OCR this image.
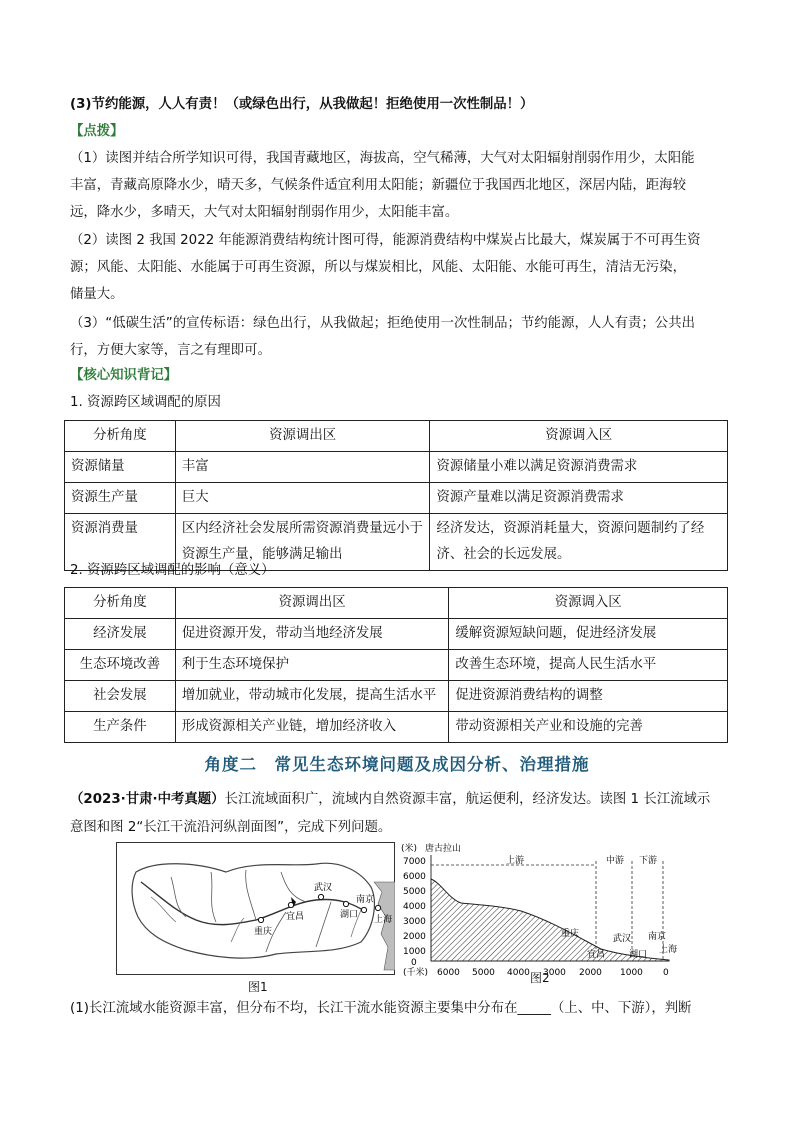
(3)节约能源，人人有责！（或绿色出行，从我做起！拒绝使用一次性制品！）
【点拨】
（1）读图并结合所学知识可得，我国青藏地区，海拔高，空气稀薄，大气对太阳辐射削弱作用少，太阳能
丰富，青藏高原降水少，晴天多，气候条件适宜利用太阳能；新疆位于我国西北地区，深居内陆，距海较
远，降水少，多晴天，大气对太阳辐射削弱作用少，太阳能丰富。
（2）读图 2 我国 2022 年能源消费结构统计图可得，能源消费结构中煤炭占比最大，煤炭属于不可再生资
源；风能、太阳能、水能属于可再生资源，所以与煤炭相比，风能、太阳能、水能可再生，清洁无污染，
储量大。
（3）“低碳生活”的宣传标语：绿色出行，从我做起；拒绝使用一次性制品；节约能源，人人有责；公共出
行，方便大家等，言之有理即可。
【核心知识背记】
1. 资源跨区域调配的原因
分析角度	资源调出区	资源调入区
资源储量	丰富	资源储量小难以满足资源消费需求
资源生产量	巨大	资源产量难以满足资源消费需求
资源消费量	区内经济社会发展所需资源消费量远小于资源生产量，能够满足输出	经济发达，资源消耗量大，资源问题制约了经济、社会的长远发展。
2. 资源跨区域调配的影响（意义）
分析角度	资源调出区	资源调入区
经济发展	促进资源开发，带动当地经济发展	缓解资源短缺问题，促进经济发展
生态环境改善	利于生态环境保护	改善生态环境，提高人民生活水平
社会发展	增加就业，带动城市化发展，提高生活水平	促进资源消费结构的调整
生产条件	形成资源相关产业链，增加经济收入	带动资源相关产业和设施的完善
角度二　常见生态环境问题及成因分析、治理措施
（2023·甘肃·中考真题）长江流域面积广，流域内自然资源丰富，航运便利，经济发达。读图 1 长江流域示
意图和图 2“长江干流沿河纵剖面图”，完成下列问题。
重庆
宜昌
武汉
湖口
南京
上海
图1
(米) 唐古拉山
7000
6000
5000
4000
3000
2000
1000
0
上游	中游 下游
重庆
宜昌
武汉
湖口
南京
上海
(千米) 6000 5000 4000 3000 2000 1000 0
图2
(1)长江流域水能资源丰富，但分布不均，长江干流水能资源主要集中分布在_____（上、中、下游），判断
